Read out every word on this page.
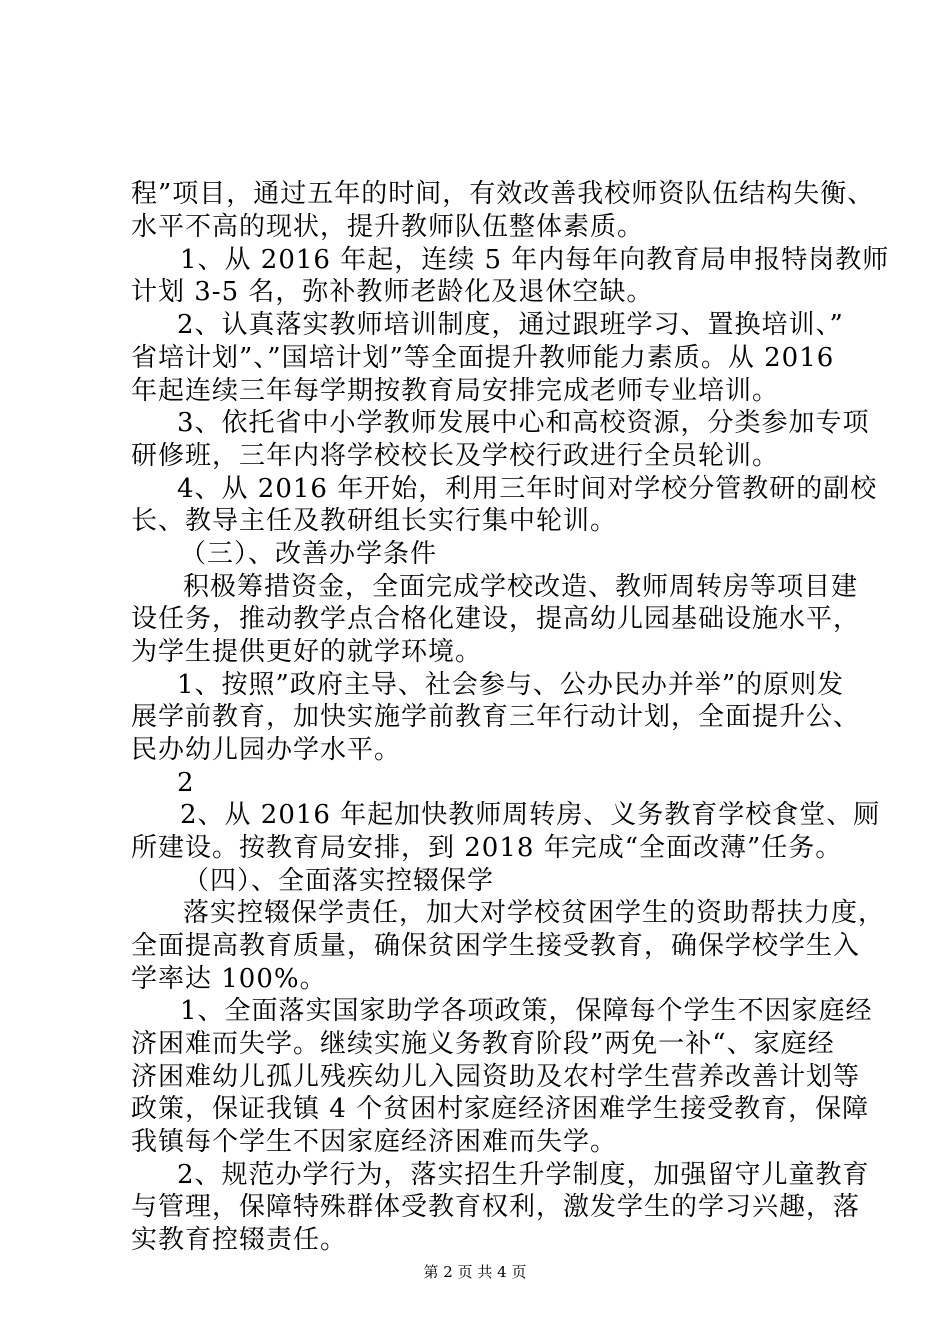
程”项目，通过五年的时间，有效改善我校师资队伍结构失衡、
水平不高的现状，提升教师队伍整体素质。
1、从 2016 年起，连续 5 年内每年向教育局申报特岗教师
计划 3-5 名，弥补教师老龄化及退休空缺。
2、认真落实教师培训制度，通过跟班学习、置换培训、”
省培计划”、”国培计划”等全面提升教师能力素质。从 2016
年起连续三年每学期按教育局安排完成老师专业培训。
3、依托省中小学教师发展中心和高校资源，分类参加专项
研修班，三年内将学校校长及学校行政进行全员轮训。
4、从 2016 年开始，利用三年时间对学校分管教研的副校
长、教导主任及教研组长实行集中轮训。
（三）、改善办学条件
积极筹措资金，全面完成学校改造、教师周转房等项目建
设任务，推动教学点合格化建设，提高幼儿园基础设施水平，
为学生提供更好的就学环境。
1、按照”政府主导、社会参与、公办民办并举”的原则发
展学前教育，加快实施学前教育三年行动计划，全面提升公、
民办幼儿园办学水平。
2
2、从 2016 年起加快教师周转房、义务教育学校食堂、厕
所建设。按教育局安排，到 2018 年完成“全面改薄”任务。
（四）、全面落实控辍保学
落实控辍保学责任，加大对学校贫困学生的资助帮扶力度，
全面提高教育质量，确保贫困学生接受教育，确保学校学生入
学率达 100%。
1、全面落实国家助学各项政策，保障每个学生不因家庭经
济困难而失学。继续实施义务教育阶段”两免一补“、家庭经
济困难幼儿孤儿残疾幼儿入园资助及农村学生营养改善计划等
政策，保证我镇 4 个贫困村家庭经济困难学生接受教育，保障
我镇每个学生不因家庭经济困难而失学。
2、规范办学行为，落实招生升学制度，加强留守儿童教育
与管理，保障特殊群体受教育权利，激发学生的学习兴趣，落
实教育控辍责任。
第 2 页 共 4 页
